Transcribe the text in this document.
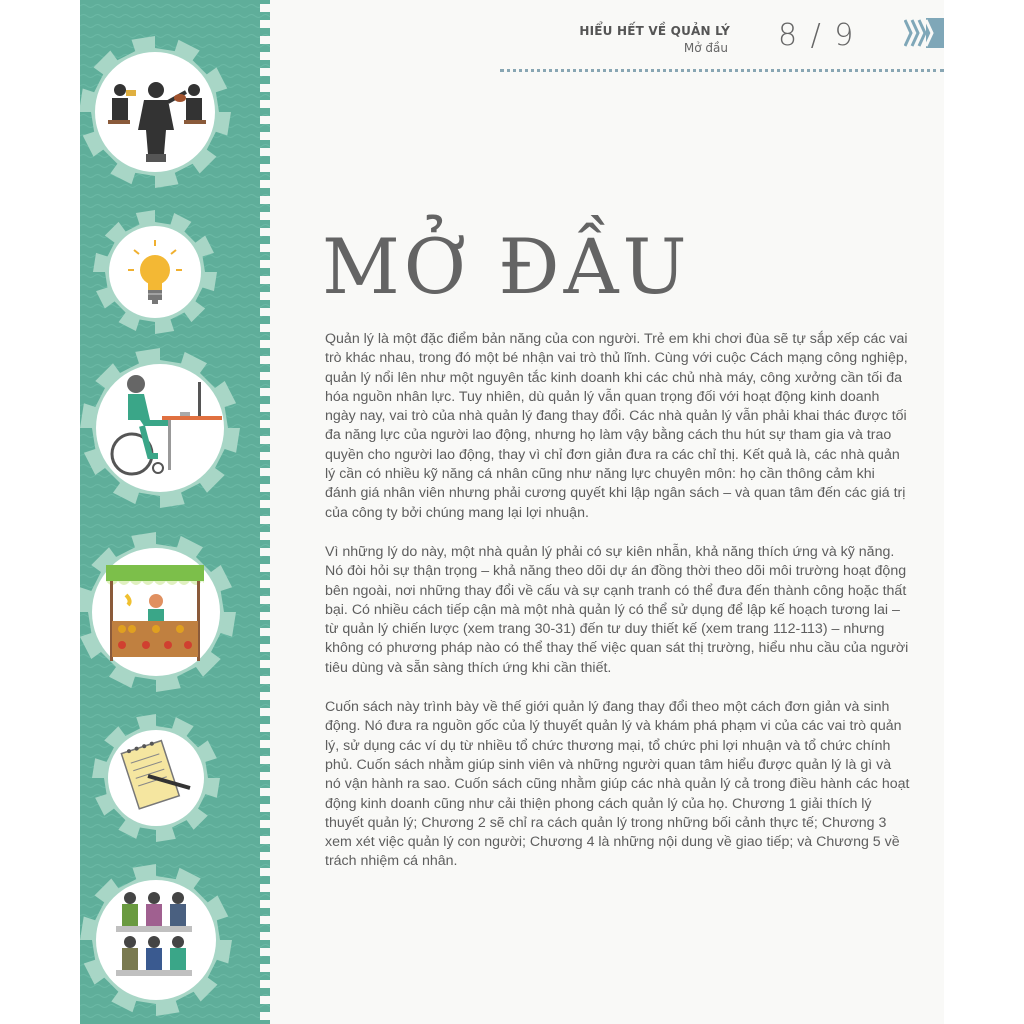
HIỂU HẾT VỀ QUẢN LÝ
Mở đầu 8 / 9
MỞ ĐẦU

Quản lý là một đặc điểm bản năng của con người. Trẻ em khi chơi đùa sẽ tự sắp xếp các vai trò khác nhau, trong đó một bé nhận vai trò thủ lĩnh. Cùng với cuộc Cách mạng công nghiệp, quản lý nổi lên như một nguyên tắc kinh doanh khi các chủ nhà máy, công xưởng cần tối đa hóa nguồn nhân lực. Tuy nhiên, dù quản lý vẫn quan trọng đối với hoạt động kinh doanh ngày nay, vai trò của nhà quản lý đang thay đổi. Các nhà quản lý vẫn phải khai thác được tối đa năng lực của người lao động, nhưng họ làm vậy bằng cách thu hút sự tham gia và trao quyền cho người lao động, thay vì chỉ đơn giản đưa ra các chỉ thị. Kết quả là, các nhà quản lý cần có nhiều kỹ năng cá nhân cũng như năng lực chuyên môn: họ cần thông cảm khi đánh giá nhân viên nhưng phải cương quyết khi lập ngân sách – và quan tâm đến các giá trị của công ty bởi chúng mang lại lợi nhuận.

Vì những lý do này, một nhà quản lý phải có sự kiên nhẫn, khả năng thích ứng và kỹ năng. Nó đòi hỏi sự thận trọng – khả năng theo dõi dự án đồng thời theo dõi môi trường hoạt động bên ngoài, nơi những thay đổi về cấu và sự cạnh tranh có thể đưa đến thành công hoặc thất bại. Có nhiều cách tiếp cận mà một nhà quản lý có thể sử dụng để lập kế hoạch tương lai – từ quản lý chiến lược (xem trang 30-31) đến tư duy thiết kế (xem trang 112-113) – nhưng không có phương pháp nào có thể thay thế việc quan sát thị trường, hiểu nhu cầu của người tiêu dùng và sẵn sàng thích ứng khi cần thiết.

Cuốn sách này trình bày về thế giới quản lý đang thay đổi theo một cách đơn giản và sinh động. Nó đưa ra nguồn gốc của lý thuyết quản lý và khám phá phạm vi của các vai trò quản lý, sử dụng các ví dụ từ nhiều tổ chức thương mại, tổ chức phi lợi nhuận và tổ chức chính phủ. Cuốn sách nhằm giúp sinh viên và những người quan tâm hiểu được quản lý là gì và nó vận hành ra sao. Cuốn sách cũng nhằm giúp các nhà quản lý cả trong điều hành các hoạt động kinh doanh cũng như cải thiện phong cách quản lý của họ. Chương 1 giải thích lý thuyết quản lý; Chương 2 sẽ chỉ ra cách quản lý trong những bối cảnh thực tế; Chương 3 xem xét việc quản lý con người; Chương 4 là những nội dung về giao tiếp; và Chương 5 về trách nhiệm cá nhân.
